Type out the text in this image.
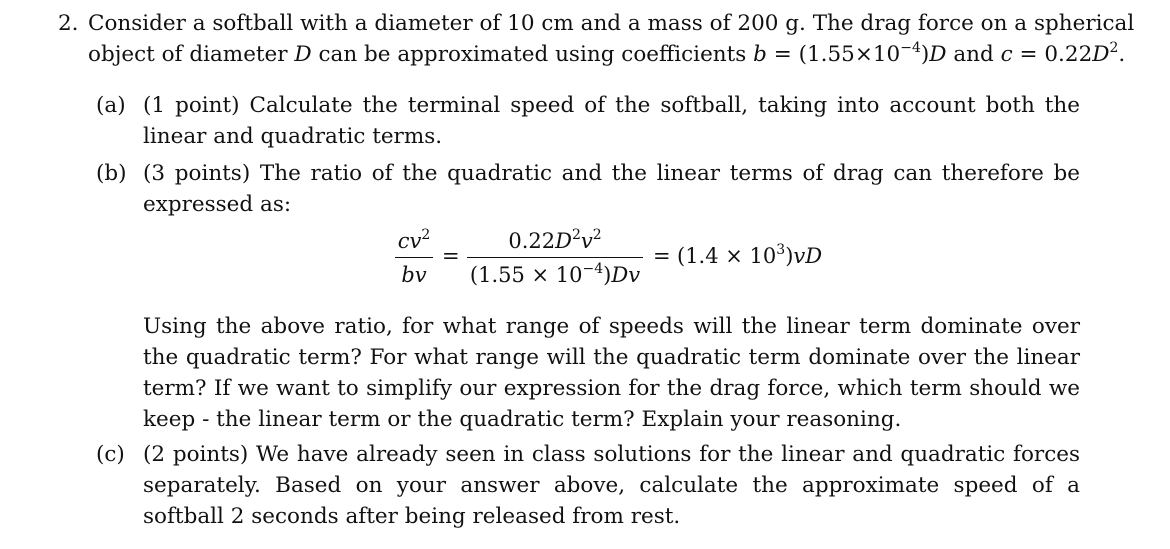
2. Consider a softball with a diameter of 10 cm and a mass of 200 g. The drag force on a spherical
object of diameter D can be approximated using coefficients $b = (1.55\times 10^{-4})D$ and $c = 0.22D^2$.
(a) (1 point) Calculate the terminal speed of the softball, taking into account both the linear and quadratic terms.
(b) (3 points) The ratio of the quadratic and the linear terms of drag can therefore be expressed as:
$cv^2$
bv
=
$0.22D^2v^2$
$(1.55 \times 10^{-4})Dv$
= $(1.4 \times 10^3)vD$
Using the above ratio, for what range of speeds will the linear term dominate over the quadratic term? For what range will the quadratic term dominate over the linear term? If we want to simplify our expression for the drag force, which term should we keep - the linear term or the quadratic term? Explain your reasoning.
(c) (2 points) We have already seen in class solutions for the linear and quadratic forces separately. Based on your answer above, calculate the approximate speed of a softball 2 seconds after being released from rest.
